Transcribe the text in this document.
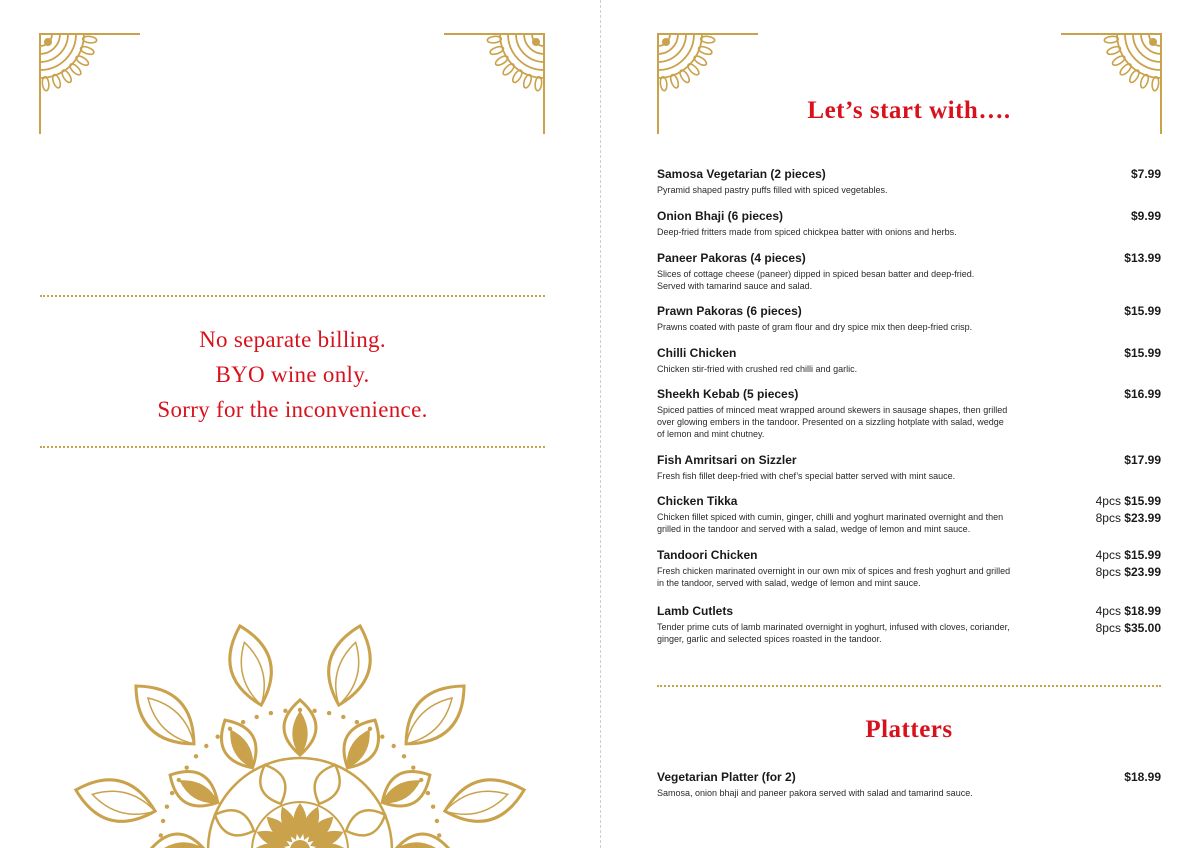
No separate billing.
BYO wine only.
Sorry for the inconvenience.
Let’s start with….
Samosa Vegetarian (2 pieces)
Pyramid shaped pastry puffs filled with spiced vegetables.
$7.99
Onion Bhaji (6 pieces)
Deep-fried fritters made from spiced chickpea batter with onions and herbs.
$9.99
Paneer Pakoras (4 pieces)
Slices of cottage cheese (paneer) dipped in spiced besan batter and deep-fried.
Served with tamarind sauce and salad.
$13.99
Prawn Pakoras (6 pieces)
Prawns coated with paste of gram flour and dry spice mix then deep-fried crisp.
$15.99
Chilli Chicken
Chicken stir-fried with crushed red chilli and garlic.
$15.99
Sheekh Kebab (5 pieces)
Spiced patties of minced meat wrapped around skewers in sausage shapes, then grilled
over glowing embers in the tandoor. Presented on a sizzling hotplate with salad, wedge
of lemon and mint chutney.
$16.99
Fish Amritsari on Sizzler
Fresh fish fillet deep-fried with chef’s special batter served with mint sauce.
$17.99
Chicken Tikka
Chicken fillet spiced with cumin, ginger, chilli and yoghurt marinated overnight and then
grilled in the tandoor and served with a salad, wedge of lemon and mint sauce.
4pcs $15.99
8pcs $23.99
Tandoori Chicken
Fresh chicken marinated overnight in our own mix of spices and fresh yoghurt and grilled
in the tandoor, served with salad, wedge of lemon and mint sauce.
4pcs $15.99
8pcs $23.99
Lamb Cutlets
Tender prime cuts of lamb marinated overnight in yoghurt, infused with cloves, coriander,
ginger, garlic and selected spices roasted in the tandoor.
4pcs $18.99
8pcs $35.00
Platters
Vegetarian Platter (for 2)
Samosa, onion bhaji and paneer pakora served with salad and tamarind sauce.
$18.99
